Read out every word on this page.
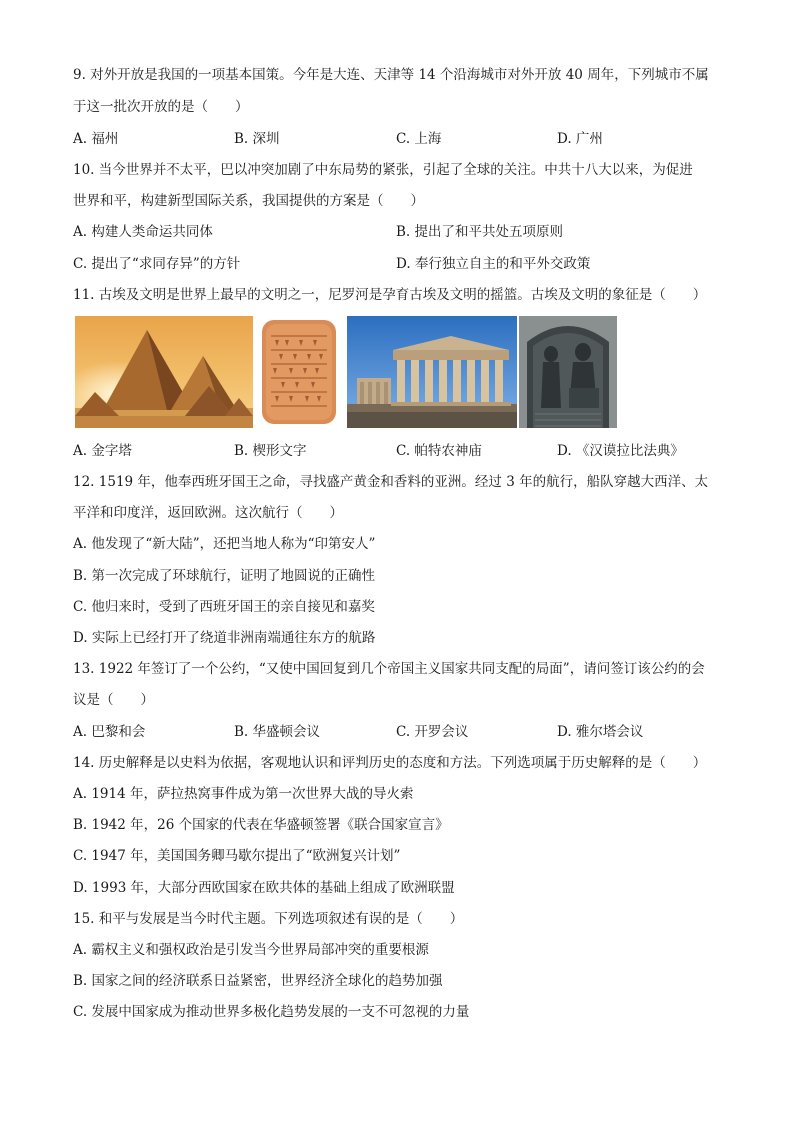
9. 对外开放是我国的一项基本国策。今年是大连、天津等 14 个沿海城市对外开放 40 周年，下列城市不属
于这一批次开放的是（　　）
A. 福州	B. 深圳	C. 上海	D. 广州
10. 当今世界并不太平，巴以冲突加剧了中东局势的紧张，引起了全球的关注。中共十八大以来，为促进
世界和平，构建新型国际关系，我国提供的方案是（　　）
A. 构建人类命运共同体	B. 提出了和平共处五项原则
C. 提出了“求同存异”的方针	D. 奉行独立自主的和平外交政策
11. 古埃及文明是世界上最早的文明之一，尼罗河是孕育古埃及文明的摇篮。古埃及文明的象征是（　　）
A. 金字塔	B. 楔形文字	C. 帕特农神庙	D. 《汉谟拉比法典》
12. 1519 年，他奉西班牙国王之命，寻找盛产黄金和香料的亚洲。经过 3 年的航行，船队穿越大西洋、太
平洋和印度洋，返回欧洲。这次航行（　　）
A. 他发现了“新大陆”，还把当地人称为“印第安人”
B. 第一次完成了环球航行，证明了地圆说的正确性
C. 他归来时，受到了西班牙国王的亲自接见和嘉奖
D. 实际上已经打开了绕道非洲南端通往东方的航路
13. 1922 年签订了一个公约，“又使中国回复到几个帝国主义国家共同支配的局面”，请问签订该公约的会
议是（　　）
A. 巴黎和会	B. 华盛顿会议	C. 开罗会议	D. 雅尔塔会议
14. 历史解释是以史料为依据，客观地认识和评判历史的态度和方法。下列选项属于历史解释的是（　　）
A. 1914 年，萨拉热窝事件成为第一次世界大战的导火索
B. 1942 年，26 个国家的代表在华盛顿签署《联合国家宣言》
C. 1947 年，美国国务卿马歇尔提出了“欧洲复兴计划”
D. 1993 年，大部分西欧国家在欧共体的基础上组成了欧洲联盟
15. 和平与发展是当今时代主题。下列选项叙述有误的是（　　）
A. 霸权主义和强权政治是引发当今世界局部冲突的重要根源
B. 国家之间的经济联系日益紧密，世界经济全球化的趋势加强
C. 发展中国家成为推动世界多极化趋势发展的一支不可忽视的力量
